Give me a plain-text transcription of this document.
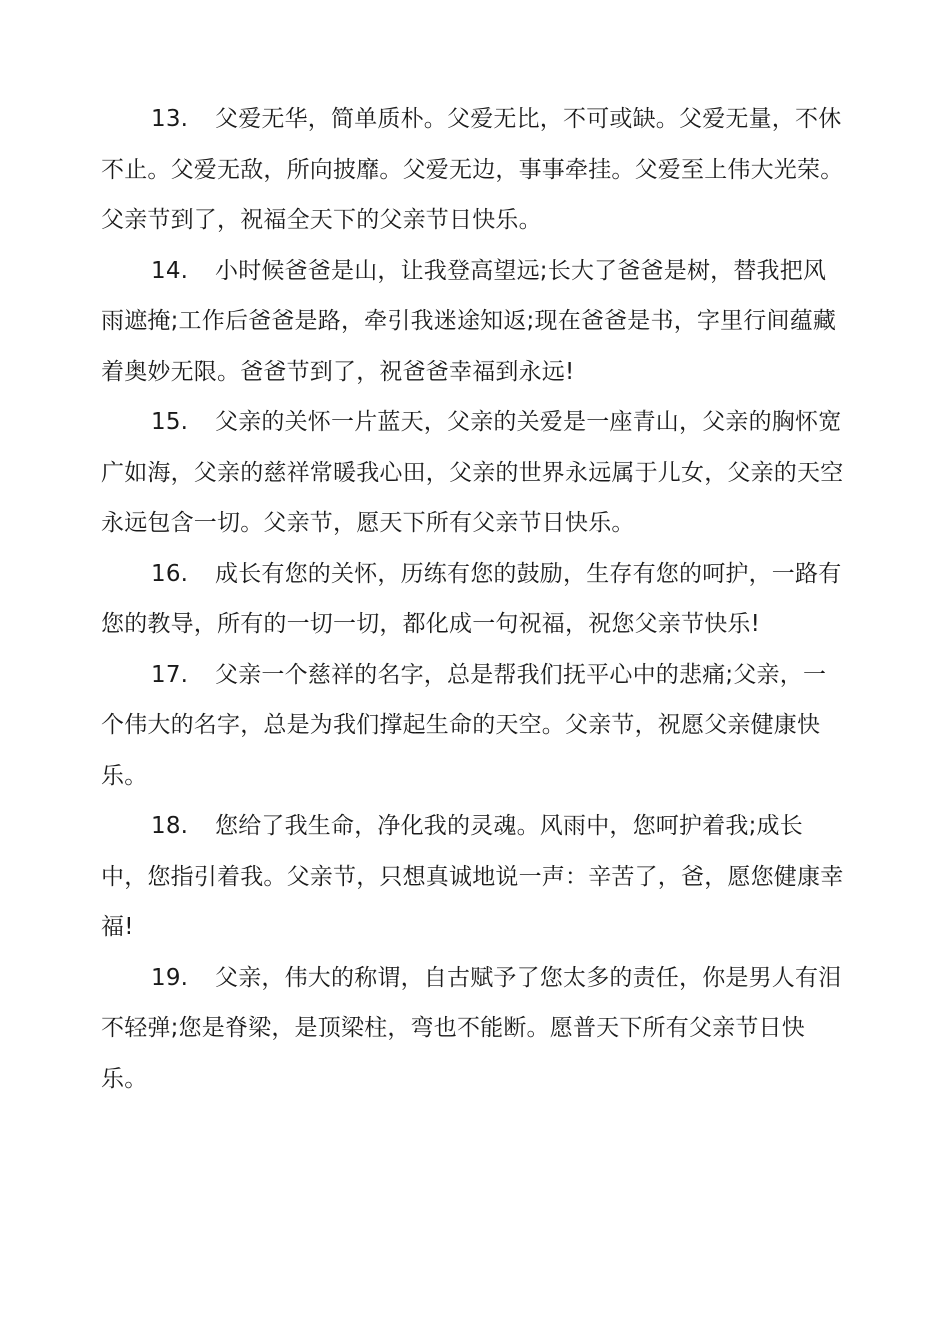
13. 父爱无华，简单质朴。父爱无比，不可或缺。父爱无量，不休不止。父爱无敌，所向披靡。父爱无边，事事牵挂。父爱至上伟大光荣。父亲节到了，祝福全天下的父亲节日快乐。

14. 小时候爸爸是山，让我登高望远;长大了爸爸是树，替我把风雨遮掩;工作后爸爸是路，牵引我迷途知返;现在爸爸是书，字里行间蕴藏着奥妙无限。爸爸节到了，祝爸爸幸福到永远!

15. 父亲的关怀一片蓝天，父亲的关爱是一座青山，父亲的胸怀宽广如海，父亲的慈祥常暖我心田，父亲的世界永远属于儿女，父亲的天空永远包含一切。父亲节，愿天下所有父亲节日快乐。

16. 成长有您的关怀，历练有您的鼓励，生存有您的呵护，一路有您的教导，所有的一切一切，都化成一句祝福，祝您父亲节快乐!

17. 父亲一个慈祥的名字，总是帮我们抚平心中的悲痛;父亲，一个伟大的名字，总是为我们撑起生命的天空。父亲节，祝愿父亲健康快乐。

18. 您给了我生命，净化我的灵魂。风雨中，您呵护着我;成长中，您指引着我。父亲节，只想真诚地说一声：辛苦了，爸，愿您健康幸福!

19. 父亲，伟大的称谓，自古赋予了您太多的责任，你是男人有泪不轻弹;您是脊梁，是顶梁柱，弯也不能断。愿普天下所有父亲节日快乐。
